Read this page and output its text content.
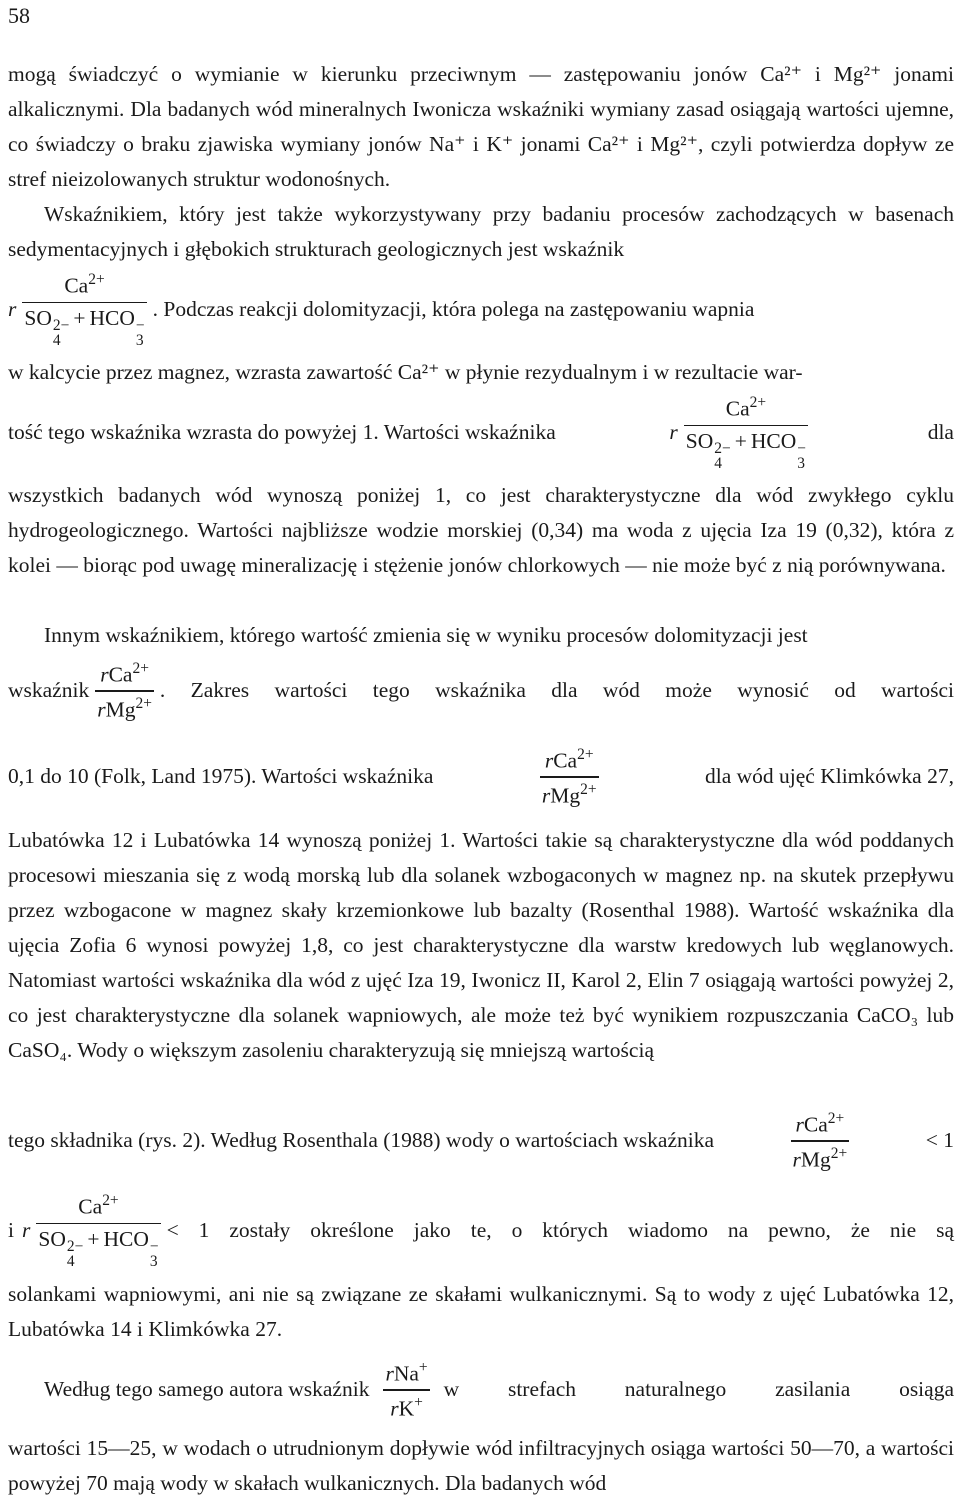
58

mogą świadczyć o wymianie w kierunku przeciwnym — zastępowaniu jonów Ca²⁺ i Mg²⁺ jonami alkalicznymi. Dla badanych wód mineralnych Iwonicza wskaźniki wymiany zasad osiągają wartości ujemne, co świadczy o braku zjawiska wymiany jonów Na⁺ i K⁺ jonami Ca²⁺ i Mg²⁺, czyli potwierdza dopływ ze stref nieizolowanych struktur wodonośnych.

Wskaźnikiem, który jest także wykorzystywany przy badaniu procesów zachodzących w basenach sedymentacyjnych i głębokich strukturach geologicznych jest wskaźnik

r $Ca^{2+}$
SO 2−
4
+ HCO −
3 . Podczas reakcji dolomityzacji, która polega na zastępowaniu wapnia

w kalcycie przez magnez, wzrasta zawartość Ca²⁺ w płynie rezydualnym i w rezultacie war-

tość tego wskaźnika wzrasta do powyżej 1. Wartości wskaźnika	r $Ca^{2+}$
SO 2−
4
+ HCO −
3	dla

wszystkich badanych wód wynoszą poniżej 1, co jest charakterystyczne dla wód zwykłego cyklu hydrogeologicznego. Wartości najbliższe wodzie morskiej (0,34) ma woda z ujęcia Iza 19 (0,32), która z kolei — biorąc pod uwagę mineralizację i stężenie jonów chlorkowych — nie może być z nią porównywana.

Innym wskaźnikiem, którego wartość zmienia się w wyniku procesów dolomityzacji jest

wskaźnik $\frac{rCa^{2+}}{rMg^{2+}}$ . Zakres wartości tego wskaźnika dla wód może wynosić od wartości
0,1 do 10 (Folk, Land 1975). Wartości wskaźnika	$\frac{rCa^{2+}}{rMg^{2+}}$	dla wód ujęć Klimkówka 27,

Lubatówka 12 i Lubatówka 14 wynoszą poniżej 1. Wartości takie są charakterystyczne dla wód poddanych procesowi mieszania się z wodą morską lub dla solanek wzbogaconych w magnez np. na skutek przepływu przez wzbogacone w magnez skały krzemionkowe lub bazalty (Rosenthal 1988). Wartość wskaźnika dla ujęcia Zofia 6 wynosi powyżej 1,8, co jest charakterystyczne dla warstw kredowych lub węglanowych. Natomiast wartości wskaźnika dla wód z ujęć Iza 19, Iwonicz II, Karol 2, Elin 7 osiągają wartości powyżej 2, co jest charakterystyczne dla solanek wapniowych, ale może też być wynikiem rozpuszczania CaCO₃ lub CaSO₄. Wody o większym zasoleniu charakteryzują się mniejszą wartością

tego składnika (rys. 2). Według Rosenthala (1988) wody o wartościach wskaźnika	$\frac{rCa^{2+}}{rMg^{2+}}$	< 1
i r $Ca^{2+}$
SO 2−
4
+ HCO −
3 < 1 zostały określone jako te, o których wiadomo na pewno, że nie są

solankami wapniowymi, ani nie są związane ze skałami wulkanicznymi. Są to wody z ujęć Lubatówka 12, Lubatówka 14 i Klimkówka 27.

Według tego samego autora wskaźnik $\frac{rNa^+}{rK^+}$ w strefach naturalnego zasilania osiąga

wartości 15—25, w wodach o utrudnionym dopływie wód infiltracyjnych osiąga wartości 50—70, a wartości powyżej 70 mają wody w skałach wulkanicznych. Dla badanych wód
